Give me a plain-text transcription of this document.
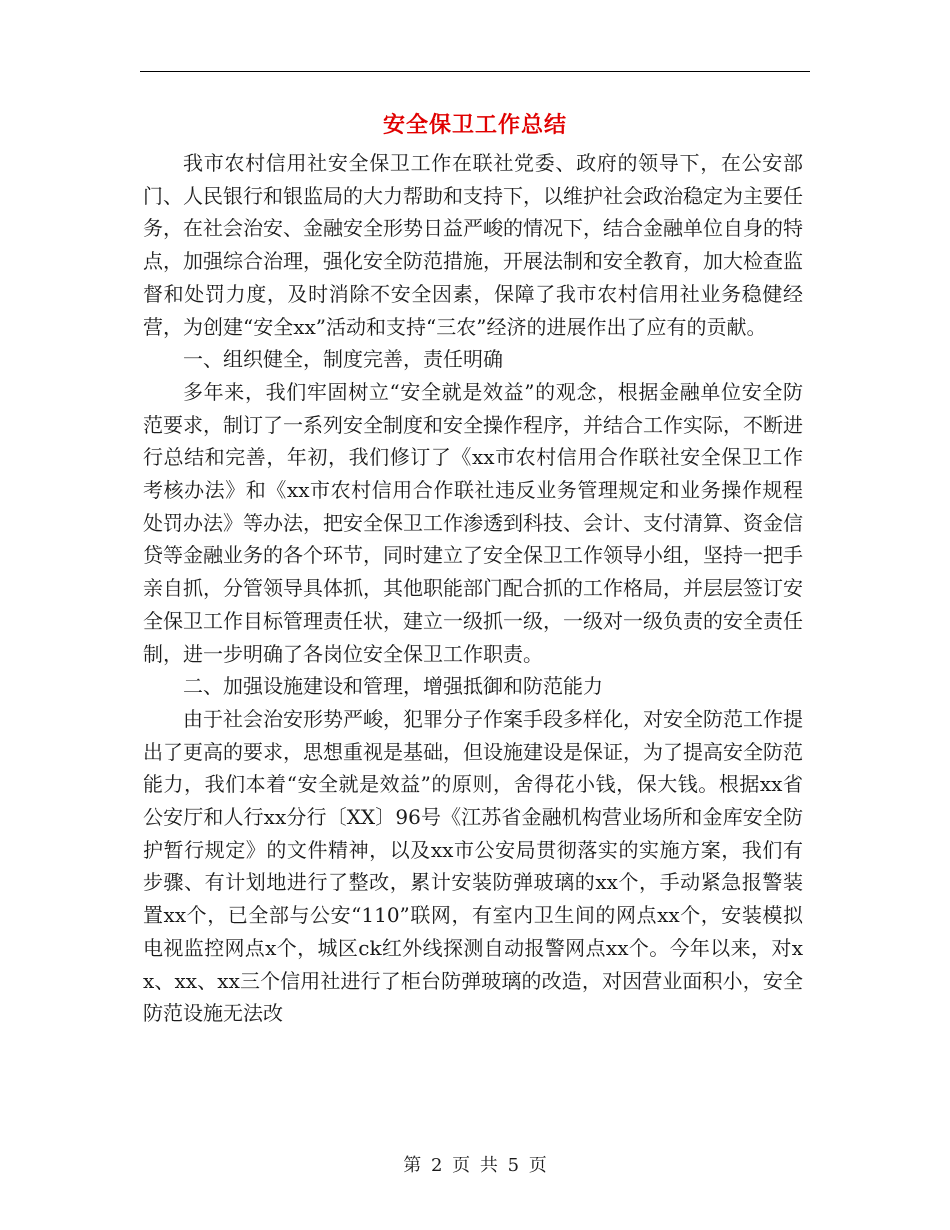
安全保卫工作总结

我市农村信用社安全保卫工作在联社党委、政府的领导下，在公安部门、人民银行和银监局的大力帮助和支持下，以维护社会政治稳定为主要任务，在社会治安、金融安全形势日益严峻的情况下，结合金融单位自身的特点，加强综合治理，强化安全防范措施，开展法制和安全教育，加大检查监督和处罚力度，及时消除不安全因素，保障了我市农村信用社业务稳健经营，为创建“安全xx”活动和支持“三农”经济的进展作出了应有的贡献。

一、组织健全，制度完善，责任明确

多年来，我们牢固树立“安全就是效益”的观念，根据金融单位安全防范要求，制订了一系列安全制度和安全操作程序，并结合工作实际，不断进行总结和完善，年初，我们修订了《xx市农村信用合作联社安全保卫工作考核办法》和《xx市农村信用合作联社违反业务管理规定和业务操作规程处罚办法》等办法，把安全保卫工作渗透到科技、会计、支付清算、资金信贷等金融业务的各个环节，同时建立了安全保卫工作领导小组，坚持一把手亲自抓，分管领导具体抓，其他职能部门配合抓的工作格局，并层层签订安全保卫工作目标管理责任状，建立一级抓一级，一级对一级负责的安全责任制，进一步明确了各岗位安全保卫工作职责。

二、加强设施建设和管理，增强抵御和防范能力

由于社会治安形势严峻，犯罪分子作案手段多样化，对安全防范工作提出了更高的要求，思想重视是基础，但设施建设是保证，为了提高安全防范能力，我们本着“安全就是效益”的原则，舍得花小钱，保大钱。根据xx省公安厅和人行xx分行〔XX〕96号《江苏省金融机构营业场所和金库安全防护暂行规定》的文件精神，以及xx市公安局贯彻落实的实施方案，我们有步骤、有计划地进行了整改，累计安装防弹玻璃的xx个，手动紧急报警装置xx个，已全部与公安“110”联网，有室内卫生间的网点xx个，安装模拟电视监控网点x个，城区ck红外线探测自动报警网点xx个。今年以来，对xx、xx、xx三个信用社进行了柜台防弹玻璃的改造，对因营业面积小，安全防范设施无法改

第 2 页 共 5 页
